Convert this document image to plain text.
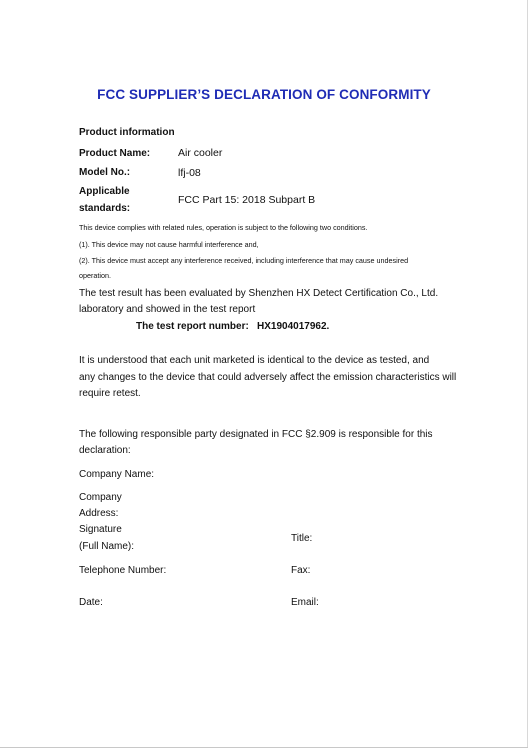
FCC SUPPLIER’S DECLARATION OF CONFORMITY
Product information
Product Name:	Air cooler
Model No.:	lfj-08
Applicable
standards:
FCC Part 15: 2018 Subpart B
This device complies with related rules, operation is subject to the following two conditions.
(1). This device may not cause harmful interference and,
(2). This device must accept any interference received, including interference that may cause undesired
operation.
The test result has been evaluated by Shenzhen HX Detect Certification Co., Ltd.
laboratory and showed in the test report
The test report number: HX1904017962.
It is understood that each unit marketed is identical to the device as tested, and
any changes to the device that could adversely affect the emission characteristics will
require retest.
The following responsible party designated in FCC §2.909 is responsible for this
declaration:
Company Name:
Company
Address:
Signature
(Full Name):
Title:
Telephone Number:	Fax:
Date:	Email:
